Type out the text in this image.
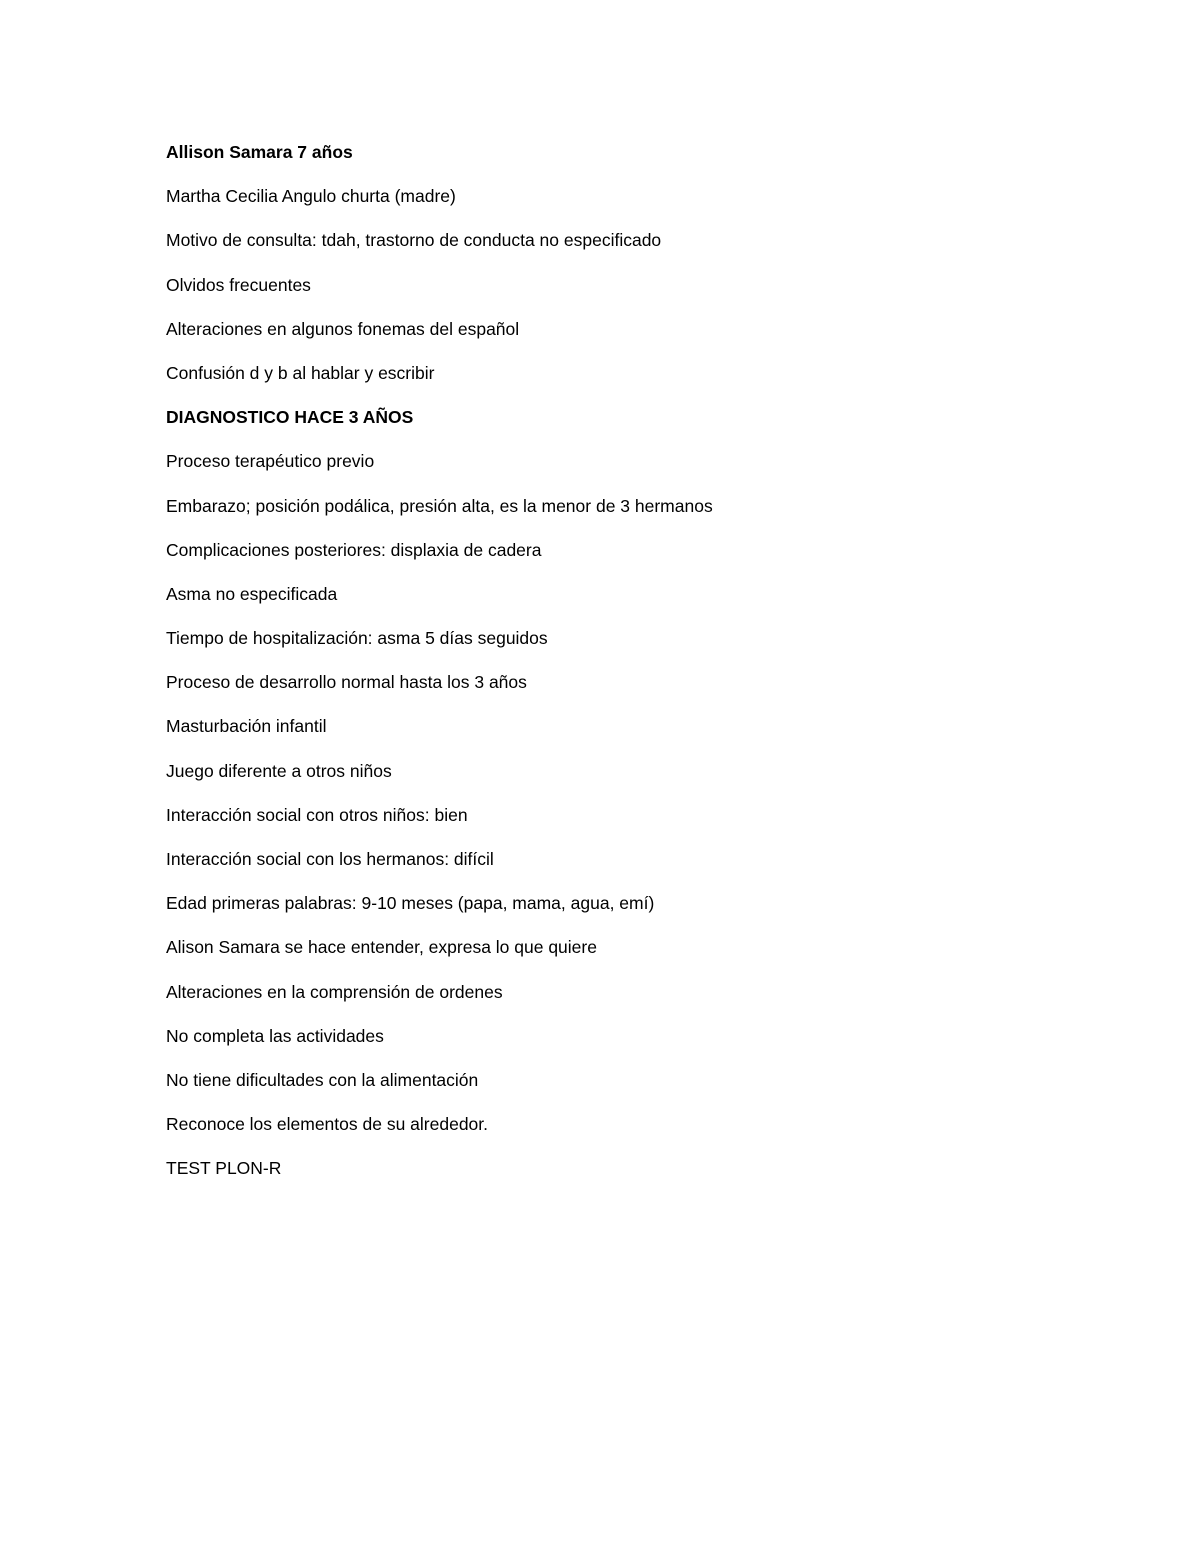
Allison Samara 7 años
Martha Cecilia Angulo churta (madre)
Motivo de consulta: tdah, trastorno de conducta no especificado
Olvidos frecuentes
Alteraciones en algunos fonemas del español
Confusión d y b al hablar y escribir
DIAGNOSTICO HACE 3 AÑOS
Proceso terapéutico previo
Embarazo; posición podálica, presión alta, es la menor de 3 hermanos
Complicaciones posteriores: displaxia de cadera
Asma no especificada
Tiempo de hospitalización: asma 5 días seguidos
Proceso de desarrollo normal hasta los 3 años
Masturbación infantil
Juego diferente a otros niños
Interacción social con otros niños: bien
Interacción social con los hermanos: difícil
Edad primeras palabras: 9-10 meses (papa, mama, agua, emí)
Alison Samara se hace entender, expresa lo que quiere
Alteraciones en la comprensión de ordenes
No completa las actividades
No tiene dificultades con la alimentación
Reconoce los elementos de su alrededor.
TEST PLON-R
